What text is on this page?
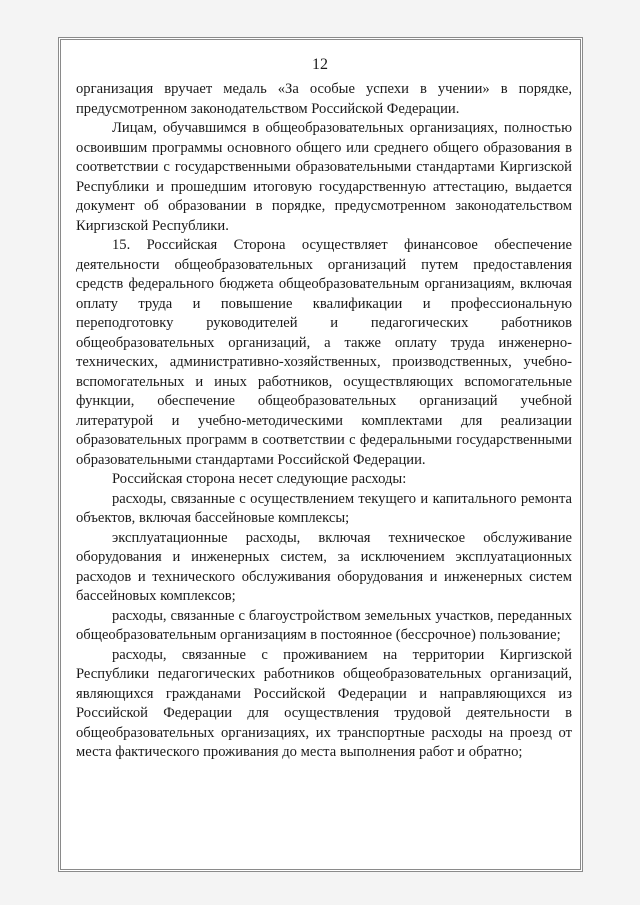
12

организация вручает медаль «За особые успехи в учении» в порядке, предусмотренном законодательством Российской Федерации.

Лицам, обучавшимся в общеобразовательных организациях, полностью освоившим программы основного общего или среднего общего образования в соответствии с государственными образовательными стандартами Киргизской Республики и прошедшим итоговую государственную аттестацию, выдается документ об образовании в порядке, предусмотренном законодательством Киргизской Республики.

15. Российская Сторона осуществляет финансовое обеспечение деятельности общеобразовательных организаций путем предоставления средств федерального бюджета общеобразовательным организациям, включая оплату труда и повышение квалификации и профессиональную переподготовку руководителей и педагогических работников общеобразовательных организаций, а также оплату труда инженерно-технических, административно-хозяйственных, производственных, учебно-вспомогательных и иных работников, осуществляющих вспомогательные функции, обеспечение общеобразовательных организаций учебной литературой и учебно-методическими комплектами для реализации образовательных программ в соответствии с федеральными государственными образовательными стандартами Российской Федерации.

Российская сторона несет следующие расходы:

расходы, связанные с осуществлением текущего и капитального ремонта объектов, включая бассейновые комплексы;

эксплуатационные расходы, включая техническое обслуживание оборудования и инженерных систем, за исключением эксплуатационных расходов и технического обслуживания оборудования и инженерных систем бассейновых комплексов;

расходы, связанные с благоустройством земельных участков, переданных общеобразовательным организациям в постоянное (бессрочное) пользование;

расходы, связанные с проживанием на территории Киргизской Республики педагогических работников общеобразовательных организаций, являющихся гражданами Российской Федерации и направляющихся из Российской Федерации для осуществления трудовой деятельности в общеобразовательных организациях, их транспортные расходы на проезд от места фактического проживания до места выполнения работ и обратно;
